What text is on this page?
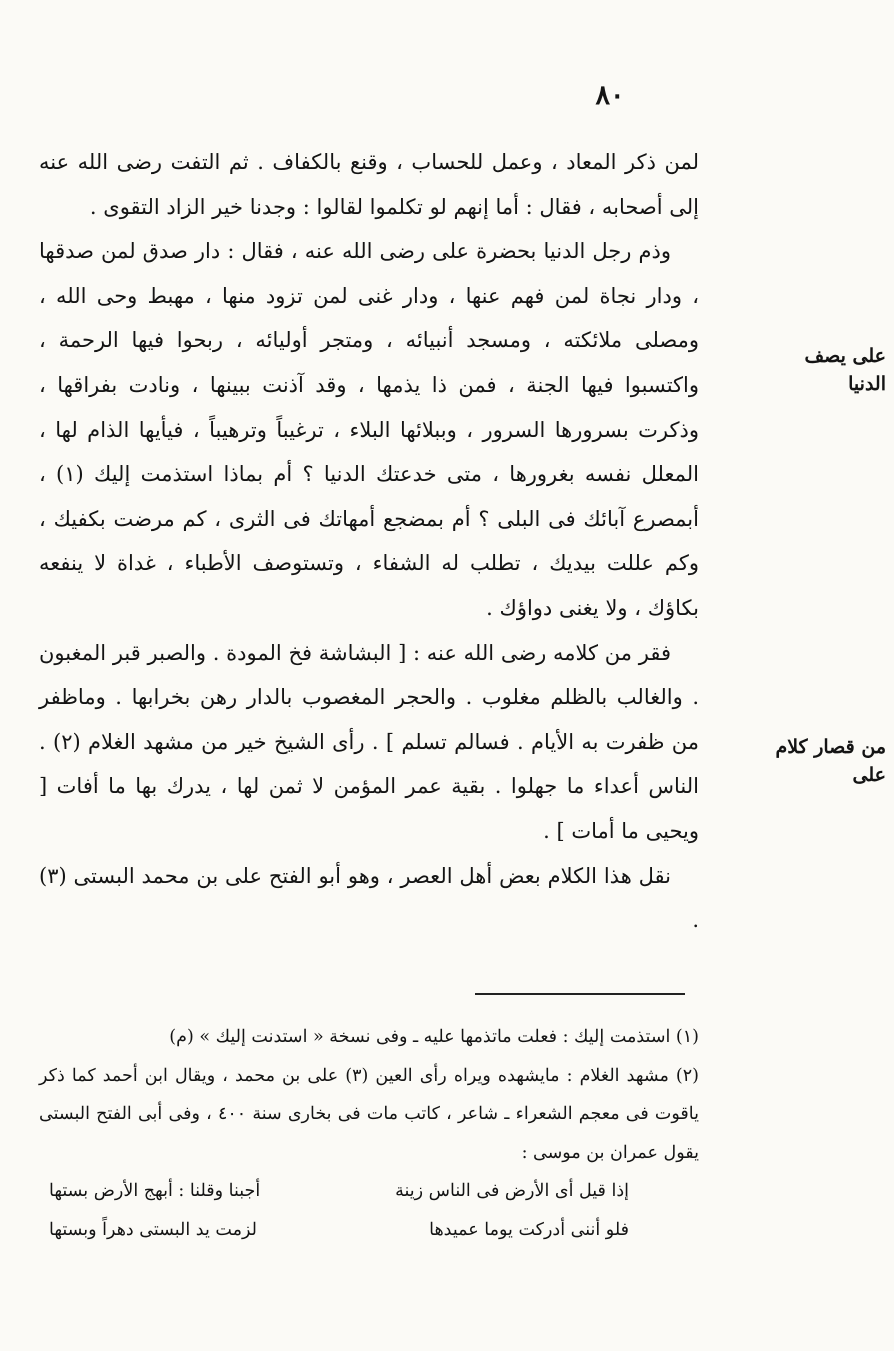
٨٠
على يصف الدنيا
من قصار كلام على

لمن ذكر المعاد ، وعمل للحساب ، وقنع بالكفاف . ثم التفت رضى الله عنه إلى أصحابه ، فقال : أما إنهم لو تكلموا لقالوا : وجدنا خير الزاد التقوى .

وذم رجل الدنيا بحضرة على رضى الله عنه ، فقال : دار صدق لمن صدقها ، ودار نجاة لمن فهم عنها ، ودار غنى لمن تزود منها ، مهبط وحى الله ، ومصلى ملائكته ، ومسجد أنبيائه ، ومتجر أوليائه ، ربحوا فيها الرحمة ، واكتسبوا فيها الجنة ، فمن ذا يذمها ، وقد آذنت ببينها ، ونادت بفراقها ، وذكرت بسرورها السرور ، وببلائها البلاء ، ترغيباً وترهيباً ، فيأيها الذام لها ، المعلل نفسه بغرورها ، متى خدعتك الدنيا ؟ أم بماذا استذمت إليك (١) ، أبمصرع آبائك فى البلى ؟ أم بمضجع أمهاتك فى الثرى ، كم مرضت بكفيك ، وكم عللت بيديك ، تطلب له الشفاء ، وتستوصف الأطباء ، غداة لا ينفعه بكاؤك ، ولا يغنى دواؤك .

فقر من كلامه رضى الله عنه : [ البشاشة فخ المودة . والصبر قبر المغبون . والغالب بالظلم مغلوب . والحجر المغصوب بالدار رهن بخرابها . وماظفر من ظفرت به الأيام . فسالم تسلم ] . رأى الشيخ خير من مشهد الغلام (٢) . الناس أعداء ما جهلوا . بقية عمر المؤمن لا ثمن لها ، يدرك بها ما أفات [ ويحيى ما أمات ] .

نقل هذا الكلام بعض أهل العصر ، وهو أبو الفتح على بن محمد البستى (٣) .

(١) استذمت إليك : فعلت ماتذمها عليه ـ وفى نسخة « استدنت إليك » (م)

(٢) مشهد الغلام : مايشهده ويراه رأى العين (٣) على بن محمد ، ويقال ابن أحمد كما ذكر ياقوت فى معجم الشعراء ـ شاعر ، كاتب مات فى بخارى سنة ٤٠٠ ، وفى أبى الفتح البستى يقول عمران بن موسى :

إذا قيل أى الأرض فى الناس زينة
أجبنا وقلنا : أبهج الأرض بستها
فلو أننى أدركت يوما عميدها
لزمت يد البستى دهراً وبستها
